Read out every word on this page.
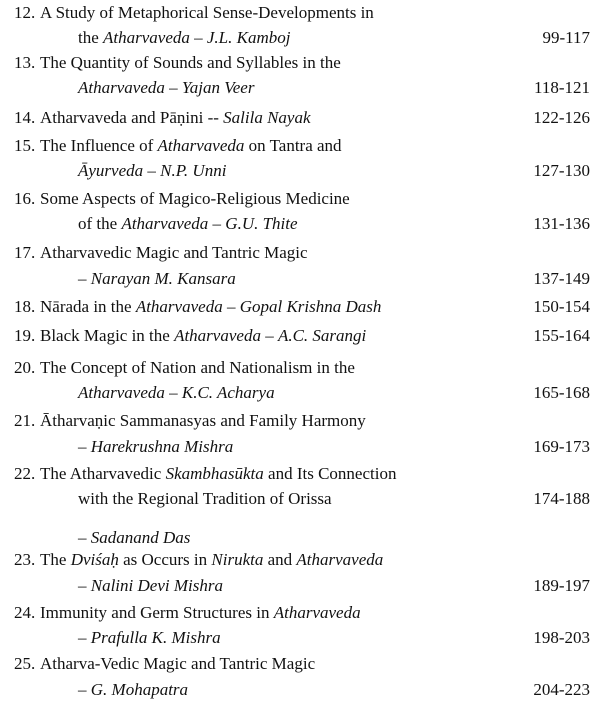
12. A Study of Metaphorical Sense-Developments in
the Atharvaveda – J.L. Kamboj	99-117
13. The Quantity of Sounds and Syllables in the
Atharvaveda – Yajan Veer	118-121
14. Atharvaveda and Pāṇini -- Salila Nayak	122-126
15. The Influence of Atharvaveda on Tantra and
Āyurveda – N.P. Unni	127-130
16. Some Aspects of Magico-Religious Medicine
of the Atharvaveda – G.U. Thite	131-136
17. Atharvavedic Magic and Tantric Magic
– Narayan M. Kansara	137-149
18. Nārada in the Atharvaveda – Gopal Krishna Dash	150-154
19. Black Magic in the Atharvaveda – A.C. Sarangi	155-164
20. The Concept of Nation and Nationalism in the
Atharvaveda – K.C. Acharya	165-168
21. Ātharvaṇic Sammanasyas and Family Harmony
– Harekrushna Mishra	169-173
22. The Atharvavedic Skambhasūkta and Its Connection
with the Regional Tradition of Orissa	174-188
– Sadanand Das
23. The Dviśaḥ as Occurs in Nirukta and Atharvaveda
– Nalini Devi Mishra	189-197
24. Immunity and Germ Structures in Atharvaveda
– Prafulla K. Mishra	198-203
25. Atharva-Vedic Magic and Tantric Magic
– G. Mohapatra	204-223
